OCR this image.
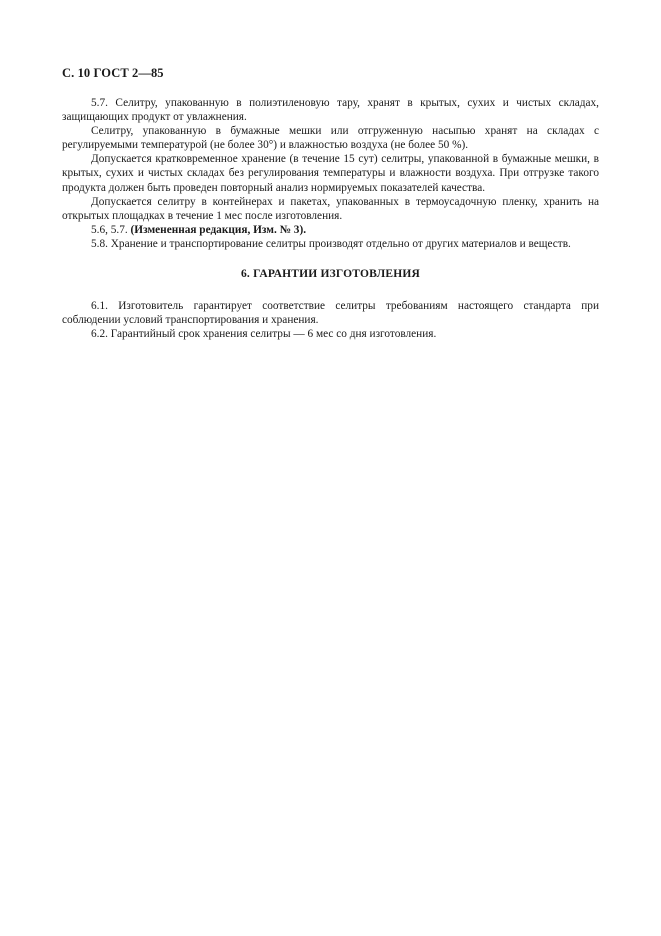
С. 10 ГОСТ 2—85

5.7. Селитру, упакованную в полиэтиленовую тару, хранят в крытых, сухих и чистых складах, защищающих продукт от увлажнения.

Селитру, упакованную в бумажные мешки или отгруженную насыпью хранят на складах с регулируемыми температурой (не более 30°) и влажностью воздуха (не более 50 %).

Допускается кратковременное хранение (в течение 15 сут) селитры, упакованной в бумажные мешки, в крытых, сухих и чистых складах без регулирования температуры и влажности воздуха. При отгрузке такого продукта должен быть проведен повторный анализ нормируемых показателей качества.

Допускается селитру в контейнерах и пакетах, упакованных в термоусадочную пленку, хранить на открытых площадках в течение 1 мес после изготовления.

5.6, 5.7. (Измененная редакция, Изм. № 3).

5.8. Хранение и транспортирование селитры производят отдельно от других материалов и веществ.

6. ГАРАНТИИ ИЗГОТОВЛЕНИЯ

6.1. Изготовитель гарантирует соответствие селитры требованиям настоящего стандарта при соблюдении условий транспортирования и хранения.

6.2. Гарантийный срок хранения селитры — 6 мес со дня изготовления.
